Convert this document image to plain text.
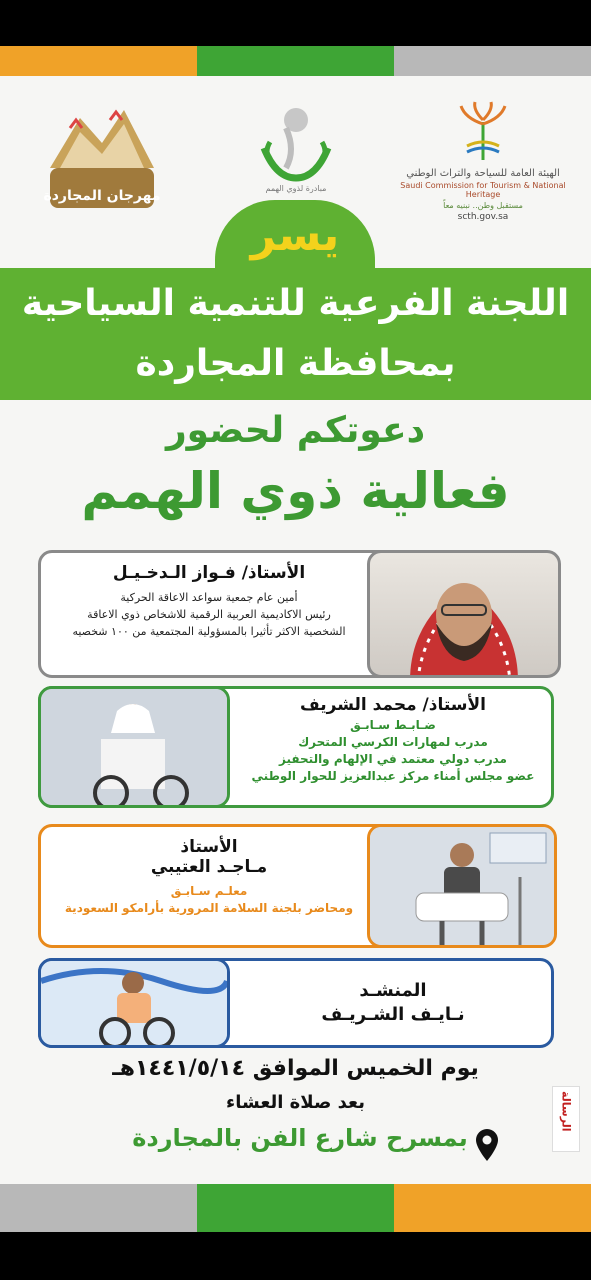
مهرجان المجاردة	مبادرة لذوي الهمم
الهيئة العامة للسياحة والتراث الوطني
Saudi Commission for Tourism & National Heritage
مستقبل وطن.. نبنيه معاً
scth.gov.sa
يسر
اللجنة الفرعية للتنمية السياحية
بمحافظة المجاردة
دعوتكم لحضور
فعالية ذوي الهمم
الأستاذ/ فـواز الـدخـيـل
أمين عام جمعية سواعد الاعاقة الحركية
رئيس الاكاديمية العربية الرقمية للاشخاص ذوي الاعاقة
الشخصية الاكثر تأثيرا بالمسؤولية المجتمعية من ١٠٠ شخصيه
الأستاذ/ محمد الشريف
ضـابـط سـابـق
مدرب لمهارات الكرسي المتحرك
مدرب دولي معتمد في الإلهام والتحفيز
عضو مجلس أمناء مركز عبدالعزيز للحوار الوطني
الأستاذ
مـاجـد العتيبي
معلـم سـابـق
ومحاضر بلجنة السلامة المرورية بأرامكو السعودية
المنشـد
نـايـف الشـريـف
يوم الخميس الموافق ١٤٤١/٥/١٤هـ
بعد صلاة العشاء
بمسرح شارع الفن بالمجاردة
الرسالة
